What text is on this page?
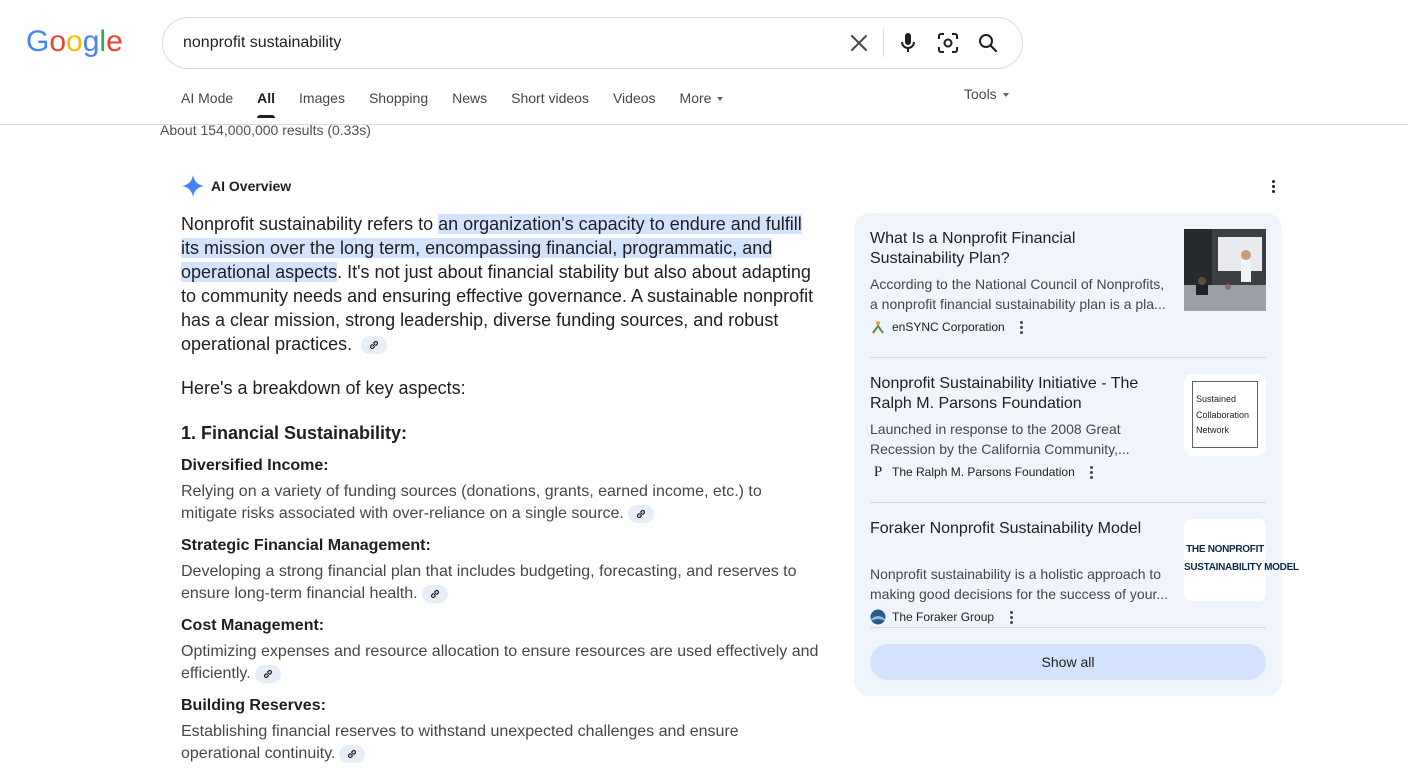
Google
nonprofit sustainability
AI Mode All Images Shopping News Short videos Videos More	Tools
About 154,000,000 results (0.33s)
AI Overview

Nonprofit sustainability refers to an organization's capacity to endure and fulfill its mission over the long term, encompassing financial, programmatic, and operational aspects. It's not just about financial stability but also about adapting to community needs and ensuring effective governance. A sustainable nonprofit has a clear mission, strong leadership, diverse funding sources, and robust operational practices.

Here's a breakdown of key aspects:

1. Financial Sustainability:

Diversified Income:

Relying on a variety of funding sources (donations, grants, earned income, etc.) to mitigate risks associated with over-reliance on a single source.

Strategic Financial Management:

Developing a strong financial plan that includes budgeting, forecasting, and reserves to ensure long-term financial health.

Cost Management:

Optimizing expenses and resource allocation to ensure resources are used effectively and efficiently.

Building Reserves:

Establishing financial reserves to withstand unexpected challenges and ensure operational continuity.

What Is a Nonprofit Financial Sustainability Plan?
According to the National Council of Nonprofits, a nonprofit financial sustainability plan is a pla...
enSYNC Corporation
Nonprofit Sustainability Initiative - The Ralph M. Parsons Foundation
Launched in response to the 2008 Great Recession by the California Community,...
P The Ralph M. Parsons Foundation
Sustained
Collaboration
Network
Foraker Nonprofit Sustainability Model
Nonprofit sustainability is a holistic approach to making good decisions for the success of your...
The Foraker Group
THE NONPROFIT
SUSTAINABILITY MODEL
Show all
